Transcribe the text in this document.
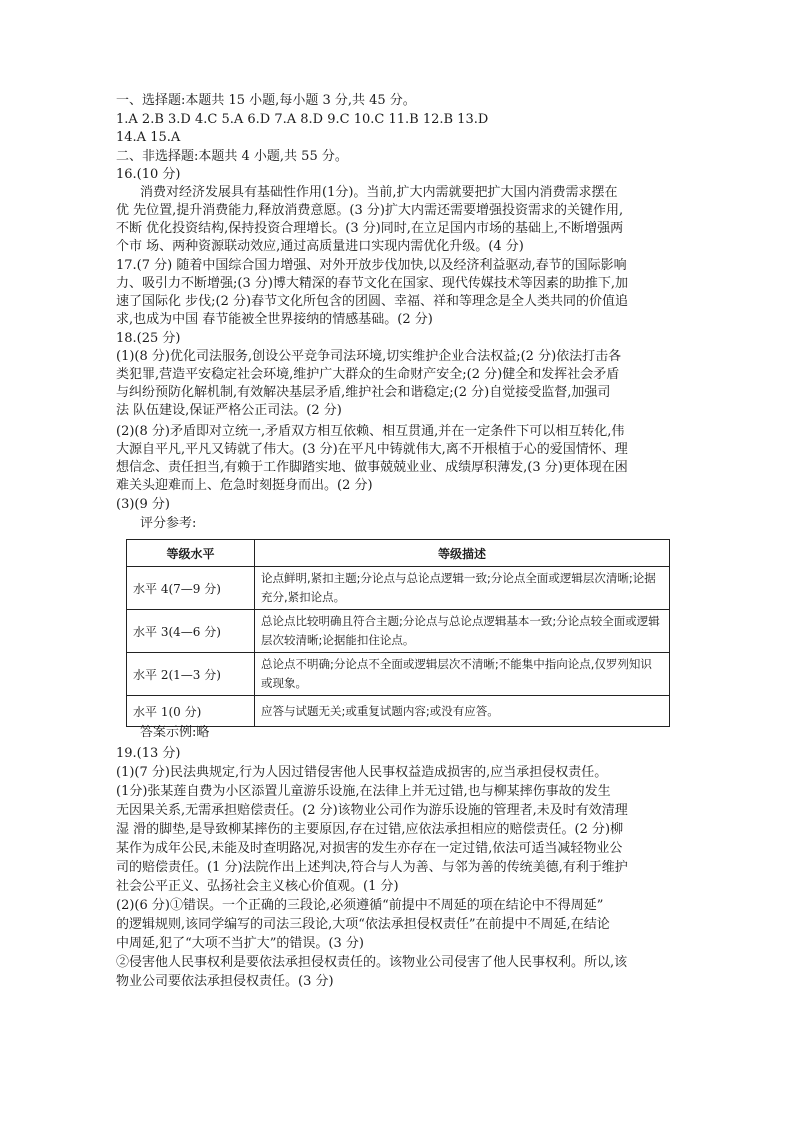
一、选择题:本题共 15 小题,每小题 3 分,共 45 分。
1.A 2.B 3.D 4.C 5.A 6.D 7.A 8.D 9.C 10.C 11.B 12.B 13.D
14.A 15.A
二、非选择题:本题共 4 小题,共 55 分。
16.(10 分)
消费对经济发展具有基础性作用(1分)。当前,扩大内需就要把扩大国内消费需求摆在
优 先位置,提升消费能力,释放消费意愿。(3 分)扩大内需还需要增强投资需求的关键作用,
不断 优化投资结构,保持投资合理增长。(3 分)同时,在立足国内市场的基础上,不断增强两
个市 场、两种资源联动效应,通过高质量进口实现内需优化升级。(4 分)
17.(7 分) 随着中国综合国力增强、对外开放步伐加快,以及经济利益驱动,春节的国际影响
力、吸引力不断增强;(3 分)博大精深的春节文化在国家、现代传媒技术等因素的助推下,加
速了国际化 步伐;(2 分)春节文化所包含的团圆、幸福、祥和等理念是全人类共同的价值追
求,也成为中国 春节能被全世界接纳的情感基础。(2 分)
18.(25 分)
(1)(8 分)优化司法服务,创设公平竞争司法环境,切实维护企业合法权益;(2 分)依法打击各
类犯罪,营造平安稳定社会环境,维护广大群众的生命财产安全;(2 分)健全和发挥社会矛盾
与纠纷预防化解机制,有效解决基层矛盾,维护社会和谐稳定;(2 分)自觉接受监督,加强司
法 队伍建设,保证严格公正司法。(2 分)
(2)(8 分)矛盾即对立统一,矛盾双方相互依赖、相互贯通,并在一定条件下可以相互转化,伟
大源自平凡,平凡又铸就了伟大。(3 分)在平凡中铸就伟大,离不开根植于心的爱国情怀、理
想信念、责任担当,有赖于工作脚踏实地、做事兢兢业业、成绩厚积薄发,(3 分)更体现在困
难关头迎难而上、危急时刻挺身而出。(2 分)
(3)(9 分)
评分参考:
等级水平	等级描述
水平 4(7—9 分)	论点鲜明,紧扣主题;分论点与总论点逻辑一致;分论点全面或逻辑层次清晰;论据充分,紧扣论点。
水平 3(4—6 分)	总论点比较明确且符合主题;分论点与总论点逻辑基本一致;分论点较全面或逻辑层次较清晰;论据能扣住论点。
水平 2(1—3 分)	总论点不明确;分论点不全面或逻辑层次不清晰;不能集中指向论点,仅罗列知识或现象。
水平 1(0 分)	应答与试题无关;或重复试题内容;或没有应答。
答案示例:略
19.(13 分)
(1)(7 分)民法典规定,行为人因过错侵害他人民事权益造成损害的,应当承担侵权责任。
(1分)张某莲自费为小区添置儿童游乐设施,在法律上并无过错,也与柳某摔伤事故的发生
无因果关系,无需承担赔偿责任。(2 分)该物业公司作为游乐设施的管理者,未及时有效清理
湿 滑的脚垫,是导致柳某摔伤的主要原因,存在过错,应依法承担相应的赔偿责任。(2 分)柳
某作为成年公民,未能及时查明路况,对损害的发生亦存在一定过错,依法可适当减轻物业公
司的赔偿责任。(1 分)法院作出上述判决,符合与人为善、与邻为善的传统美德,有利于维护
社会公平正义、弘扬社会主义核心价值观。(1 分)
(2)(6 分)①错误。一个正确的三段论,必须遵循“前提中不周延的项在结论中不得周延”
的逻辑规则,该同学编写的司法三段论,大项“依法承担侵权责任”在前提中不周延,在结论
中周延,犯了“大项不当扩大”的错误。(3 分)
②侵害他人民事权利是要依法承担侵权责任的。该物业公司侵害了他人民事权利。所以,该
物业公司要依法承担侵权责任。(3 分)
